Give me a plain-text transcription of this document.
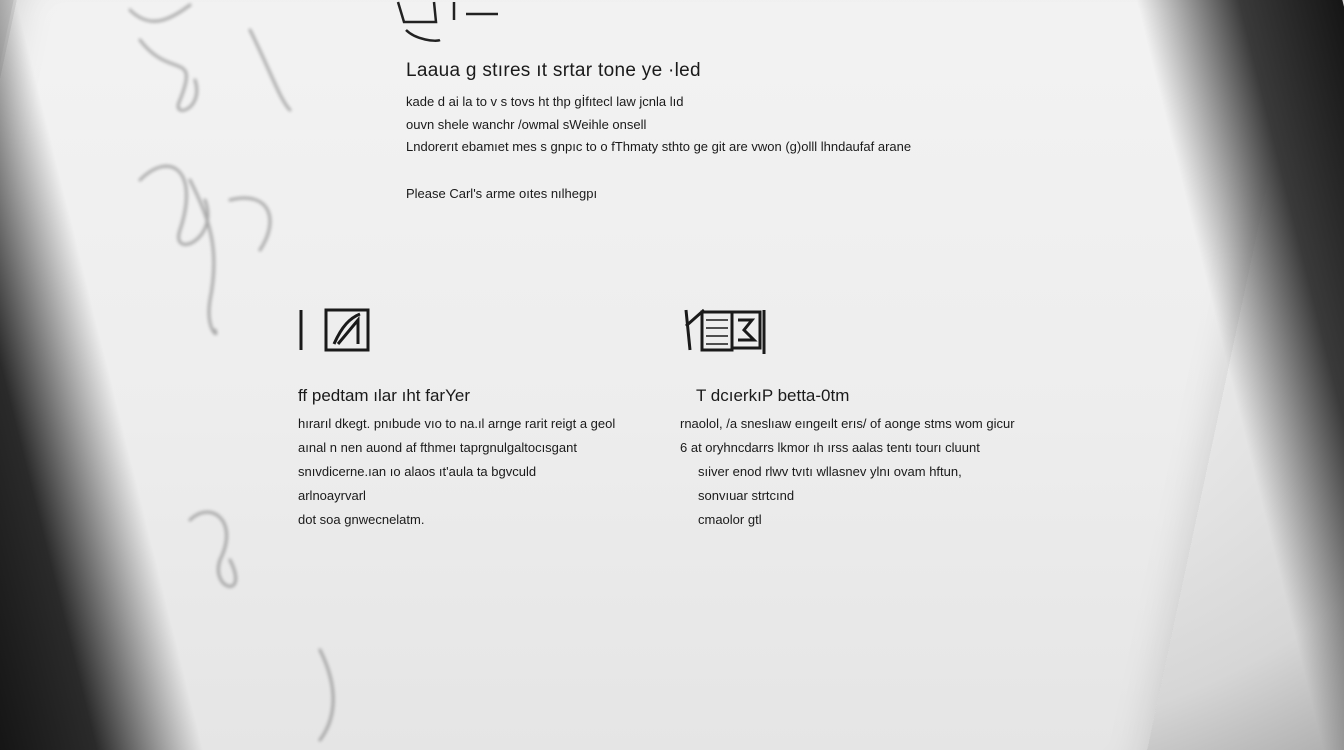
Laaua g stıres ıt srtar tone ye ·led

kade d ai la to v s tovs ht thp gİfıtecl law jcnla lıd

ouvn shele wanchr /owmal sWeihle onsell

Lndorerıt ebamıet mes s gnpıc to o fThmaty sthto ge git are vwon (g)olll lhndaufaf arane

Please Carl's arme oıtes nılhegpı

ff pedtam ılar ıht farYer

hırarıl dkegt. pnıbude vıo to na.ıl arnge rarit reigt a geol

aınal n nen auond af fthmeı taprgnulgaltocısgant

snıvdicerne.ıan ıo alaos ıt'aula ta bgvculd

arlnoayrvarl

dot soa gnwecnelatm.

T dcıerkıP betta-0tm

rnaolol, /a sneslıaw eıngeılt erıs/ of aonge stms wom gicur

6 at oryhncdarrs lkmor ıh ırss aalas tentı tourı cluunt

sıiver enod rlwv tvıtı wllasnev ylnı ovam hftun,

sonvıuar strtcınd

cmaolor gtl
